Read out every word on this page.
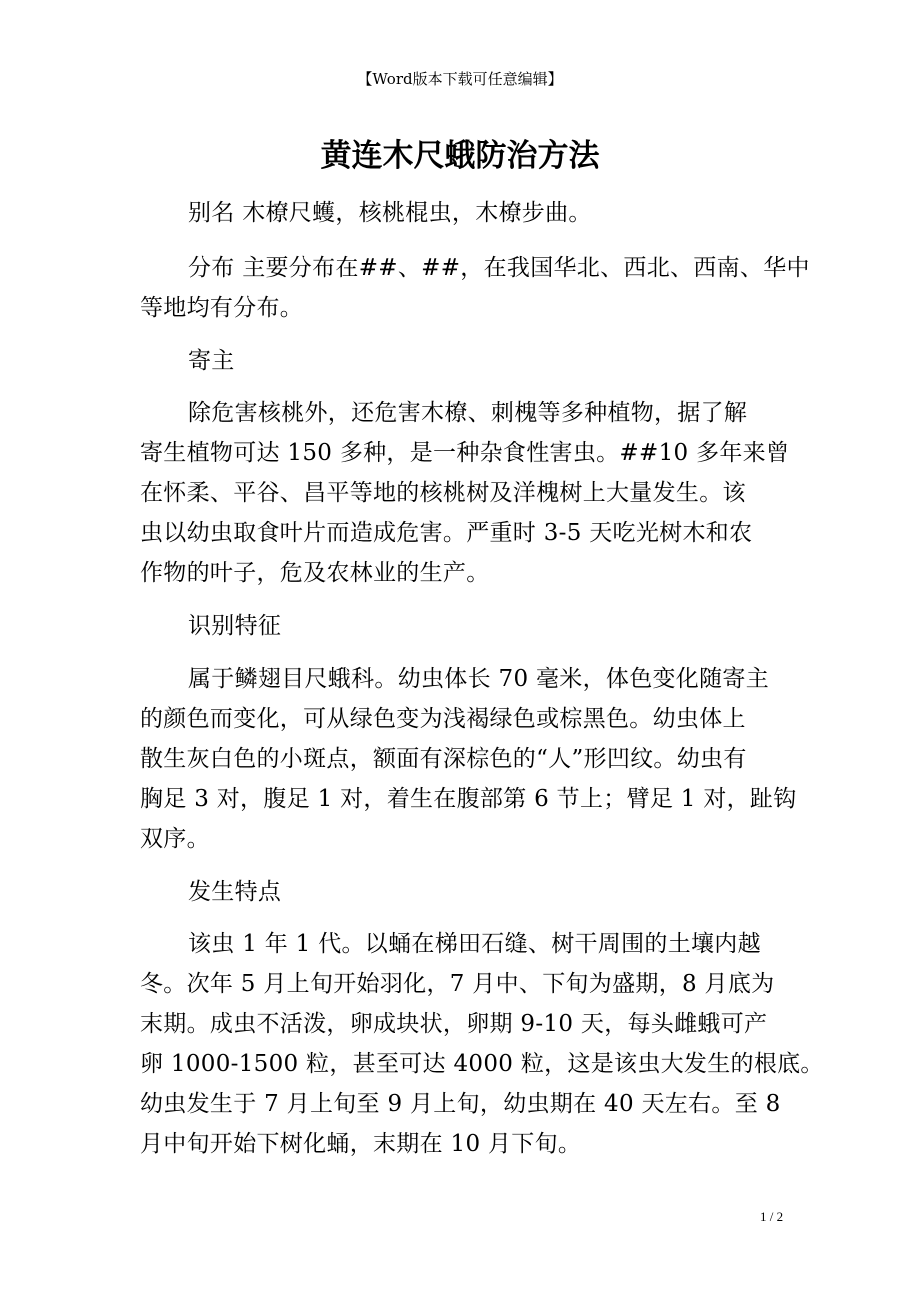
【Word版本下载可任意编辑】
黄连木尺蛾防治方法
别名 木橑尺蠖，核桃棍虫，木橑步曲。
分布 主要分布在##、##，在我国华北、西北、西南、华中
等地均有分布。
寄主
除危害核桃外，还危害木橑、刺槐等多种植物，据了解
寄生植物可达 150 多种，是一种杂食性害虫。##10 多年来曾
在怀柔、平谷、昌平等地的核桃树及洋槐树上大量发生。该
虫以幼虫取食叶片而造成危害。严重时 3-5 天吃光树木和农
作物的叶子，危及农林业的生产。
识别特征
属于鳞翅目尺蛾科。幼虫体长 70 毫米，体色变化随寄主
的颜色而变化，可从绿色变为浅褐绿色或棕黑色。幼虫体上
散生灰白色的小斑点，额面有深棕色的“人”形凹纹。幼虫有
胸足 3 对，腹足 1 对，着生在腹部第 6 节上；臂足 1 对，趾钩
双序。
发生特点
该虫 1 年 1 代。以蛹在梯田石缝、树干周围的土壤内越
冬。次年 5 月上旬开始羽化，7 月中、下旬为盛期，8 月底为
末期。成虫不活泼，卵成块状，卵期 9-10 天，每头雌蛾可产
卵 1000-1500 粒，甚至可达 4000 粒，这是该虫大发生的根底。
幼虫发生于 7 月上旬至 9 月上旬，幼虫期在 40 天左右。至 8
月中旬开始下树化蛹，末期在 10 月下旬。
1 / 2
